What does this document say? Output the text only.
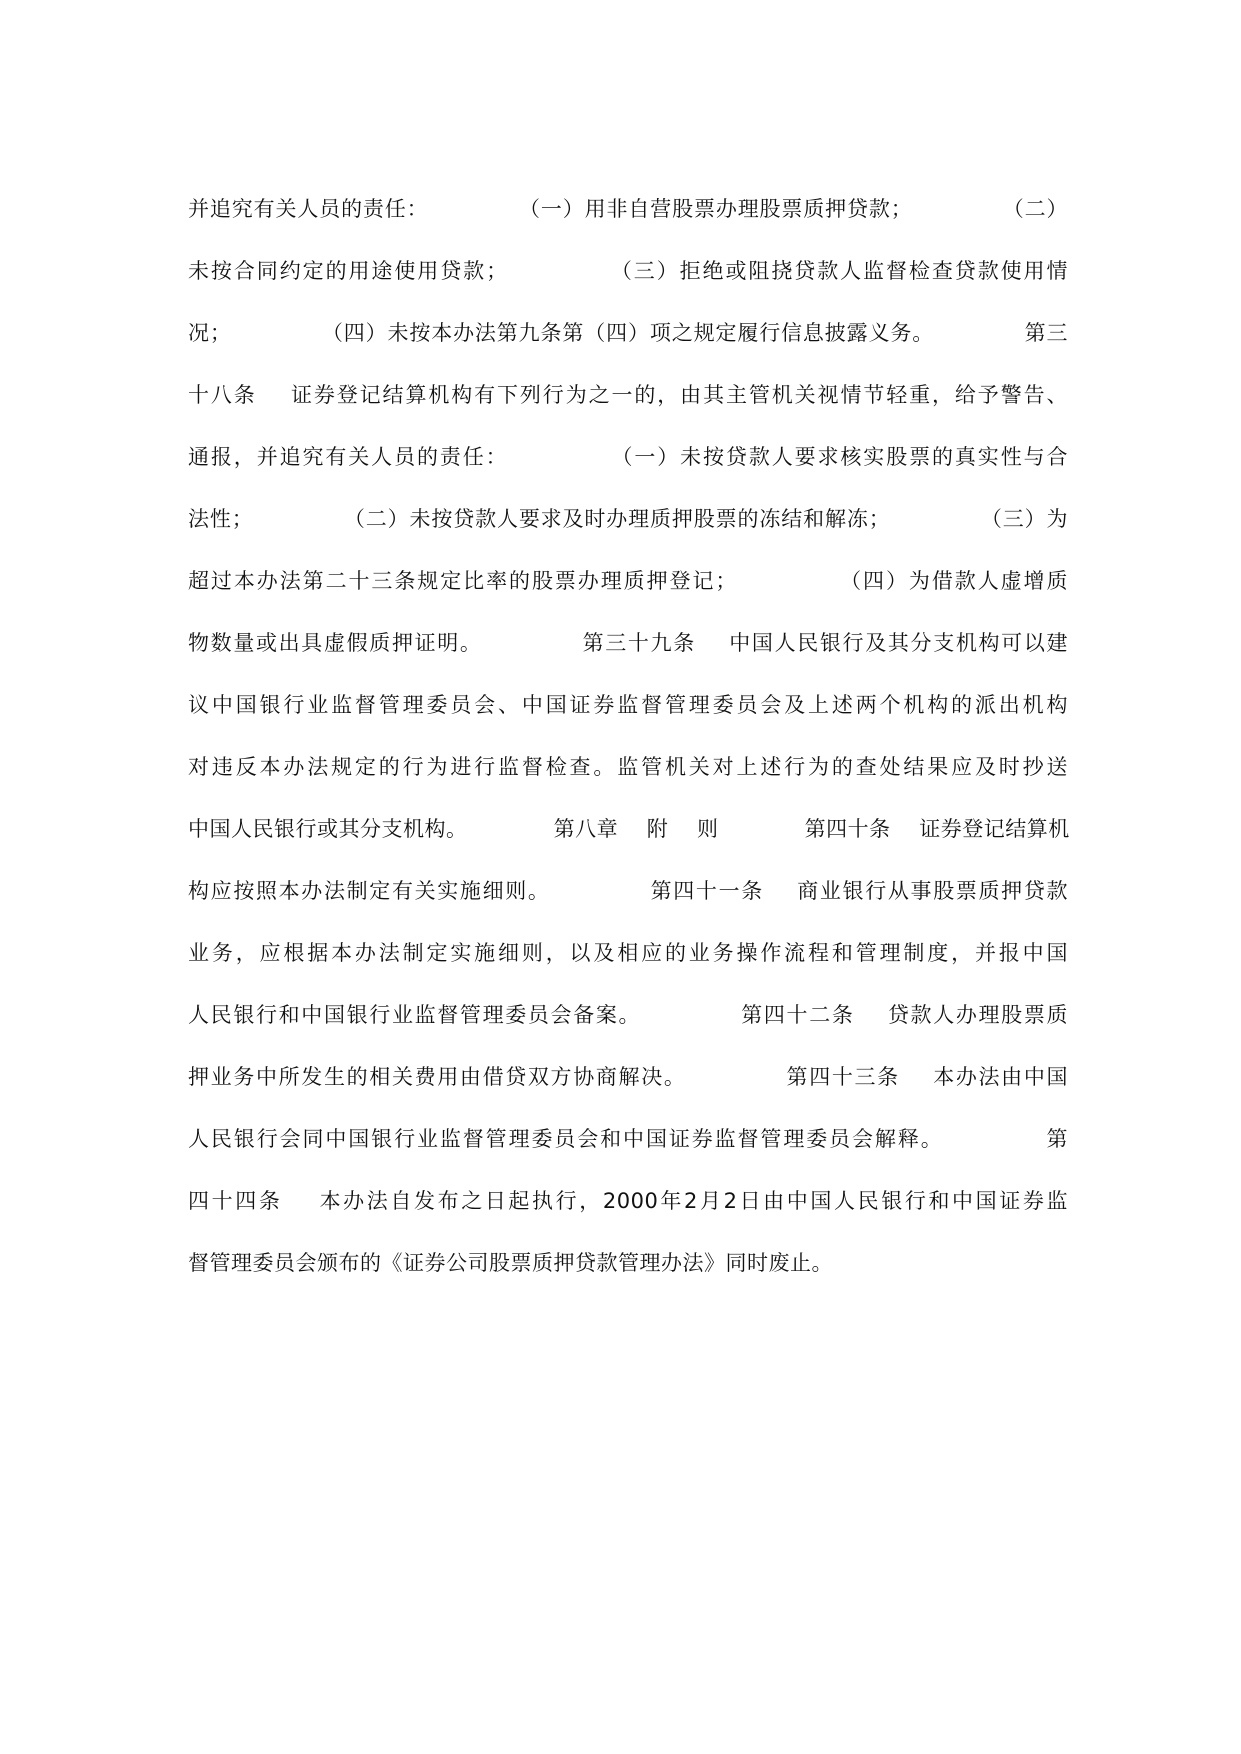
并追究有关人员的责任：            （一）用非自营股票办理股票质押贷款；            （二）
未按合同约定的用途使用贷款；            （三）拒绝或阻挠贷款人监督检查贷款使用情
况；            （四）未按本办法第九条第（四）项之规定履行信息披露义务。            第三
十八条    证券登记结算机构有下列行为之一的，由其主管机关视情节轻重，给予警告、
通报，并追究有关人员的责任：            （一）未按贷款人要求核实股票的真实性与合
法性；            （二）未按贷款人要求及时办理质押股票的冻结和解冻；            （三）为
超过本办法第二十三条规定比率的股票办理质押登记；            （四）为借款人虚增质
物数量或出具虚假质押证明。            第三十九条    中国人民银行及其分支机构可以建
议中国银行业监督管理委员会、中国证券监督管理委员会及上述两个机构的派出机构
对违反本办法规定的行为进行监督检查。监管机关对上述行为的查处结果应及时抄送
中国人民银行或其分支机构。            第八章    附    则            第四十条    证券登记结算机
构应按照本办法制定有关实施细则。            第四十一条    商业银行从事股票质押贷款
业务，应根据本办法制定实施细则，以及相应的业务操作流程和管理制度，并报中国
人民银行和中国银行业监督管理委员会备案。            第四十二条    贷款人办理股票质
押业务中所发生的相关费用由借贷双方协商解决。            第四十三条    本办法由中国
人民银行会同中国银行业监督管理委员会和中国证券监督管理委员会解释。            第
四十四条    本办法自发布之日起执行，2000年2月2日由中国人民银行和中国证券监
督管理委员会颁布的《证券公司股票质押贷款管理办法》同时废止。
